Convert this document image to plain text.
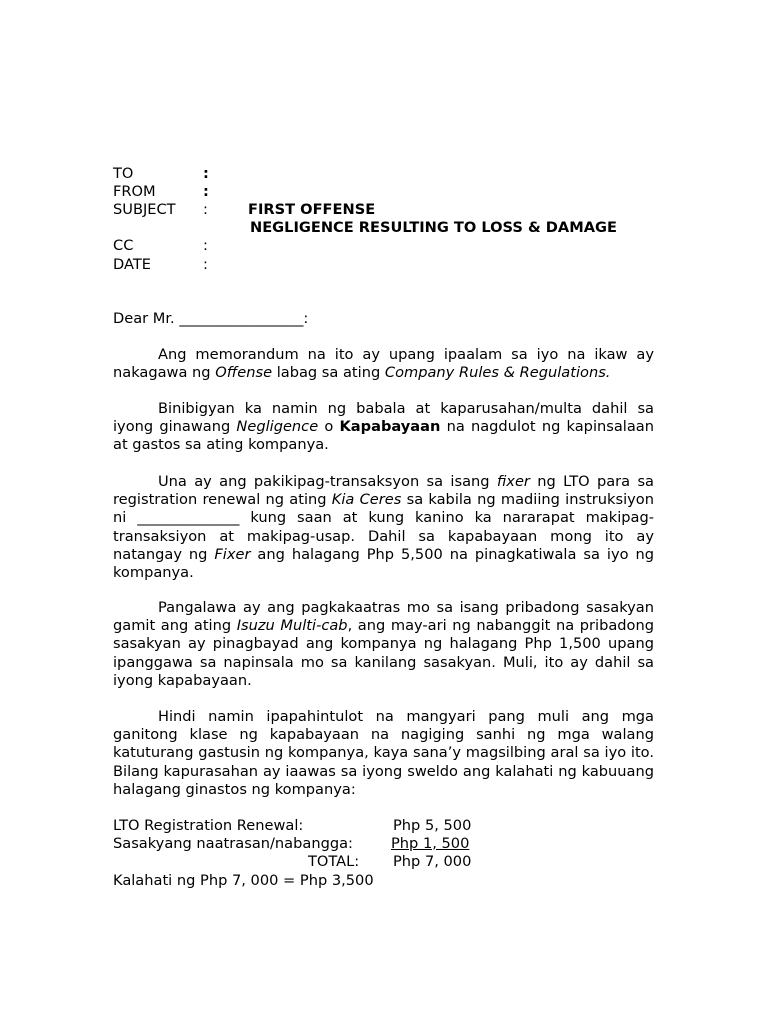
TO	:
FROM	:
SUBJECT :	FIRST OFFENSE
NEGLIGENCE RESULTING TO LOSS & DAMAGE
CC	:
DATE	:
Dear Mr. _________________:

Ang memorandum na ito ay upang ipaalam sa iyo na ikaw ay nakagawa ng Offense labag sa ating Company Rules & Regulations.

Binibigyan ka namin ng babala at kaparusahan/multa dahil sa iyong ginawang Negligence o Kapabayaan na nagdulot ng kapinsalaan at gastos sa ating kompanya.

Una ay ang pakikipag-transaksyon sa isang fixer ng LTO para sa registration renewal ng ating Kia Ceres sa kabila ng madiing instruksiyon ni ______________ kung saan at kung kanino ka nararapat makipag-transaksiyon at makipag-usap. Dahil sa kapabayaan mong ito ay natangay ng Fixer ang halagang Php 5,500 na pinagkatiwala sa iyo ng kompanya.

Pangalawa ay ang pagkakaatras mo sa isang pribadong sasakyan gamit ang ating Isuzu Multi-cab, ang may-ari ng nabanggit na pribadong sasakyan ay pinagbayad ang kompanya ng halagang Php 1,500 upang ipanggawa sa napinsala mo sa kanilang sasakyan. Muli, ito ay dahil sa iyong kapabayaan.

Hindi namin ipapahintulot na mangyari pang muli ang mga ganitong klase ng kapabayaan na nagiging sanhi ng mga walang katuturang gastusin ng kompanya, kaya sana’y magsilbing aral sa iyo ito. Bilang kapurasahan ay iaawas sa iyong sweldo ang kalahati ng kabuuang halagang ginastos ng kompanya:

LTO Registration Renewal:	Php 5, 500
Sasakyang naatrasan/nabangga:	Php 1, 500
TOTAL: Php 7, 000
Kalahati ng Php 7, 000 = Php 3,500
